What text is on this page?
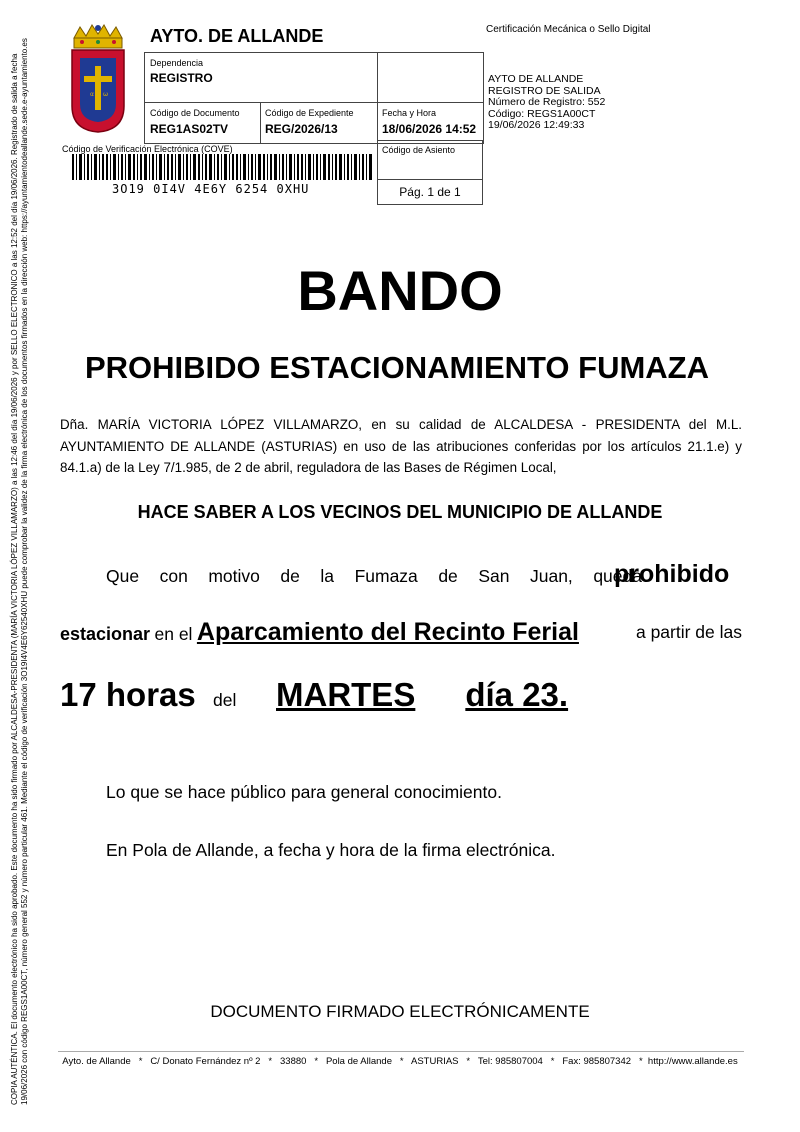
COPIA AUTÉNTICA. El documento electrónico ha sido aprobado. Este documento ha sido firmado por ALCALDESA-PRESIDENTA (MARÍA VICTORIA LÓPEZ VILLAMARZO) a las 12:46 del día 19/06/2026 y por SELLO ELECTRONICO a las 12:52 del día 19/06/2026. Registrado de salida a fecha 19/06/2026 con código REGS1A00CT, número general 552 y número particular 461. Mediante el código de verificación 3O19I4V4E6Y62540XHU puede comprobar la validez de la firma electrónica de los documentos firmados en la dirección web: https://ayuntamientodeallande.sede.e-ayuntamiento.es	α ω
AYTO. DE ALLANDE
Dependencia
REGISTRO
Código de Documento
REG1AS02TV
Código de Expediente
REG/2026/13
Fecha y Hora
18/06/2026 14:52
Código de Asiento
Pág. 1 de 1
Código de Verificación Electrónica (COVE)
3O19 0I4V 4E6Y 6254 0XHU
Certificación Mecánica o Sello Digital
AYTO DE ALLANDE
REGISTRO DE SALIDA
Número de Registro: 552
Código: REGS1A00CT
19/06/2026 12:49:33
BANDO
PROHIBIDO ESTACIONAMIENTO FUMAZA
Dña. MARÍA VICTORIA LÓPEZ VILLAMARZO, en su calidad de ALCALDESA - PRESIDENTA del M.L. AYUNTAMIENTO DE ALLANDE (ASTURIAS) en uso de las atribuciones conferidas por los artículos 21.1.e) y 84.1.a) de la Ley 7/1.985, de 2 de abril, reguladora de las Bases de Régimen Local,
HACE SABER A LOS VECINOS DEL MUNICIPIO DE ALLANDE
Que con motivo de la Fumaza de San Juan, queda
prohibido
estacionar en el Aparcamiento del Recinto Ferial	a partir de las
17 horas del MARTES día 23.
Lo que se hace público para general conocimiento.
En Pola de Allande, a fecha y hora de la firma electrónica.
DOCUMENTO FIRMADO ELECTRÓNICAMENTE
Ayto. de Allande   *   C/ Donato Fernández nº 2   *   33880   *   Pola de Allande   *   ASTURIAS   *   Tel: 985807004   *   Fax: 985807342   *  http://www.allande.es
